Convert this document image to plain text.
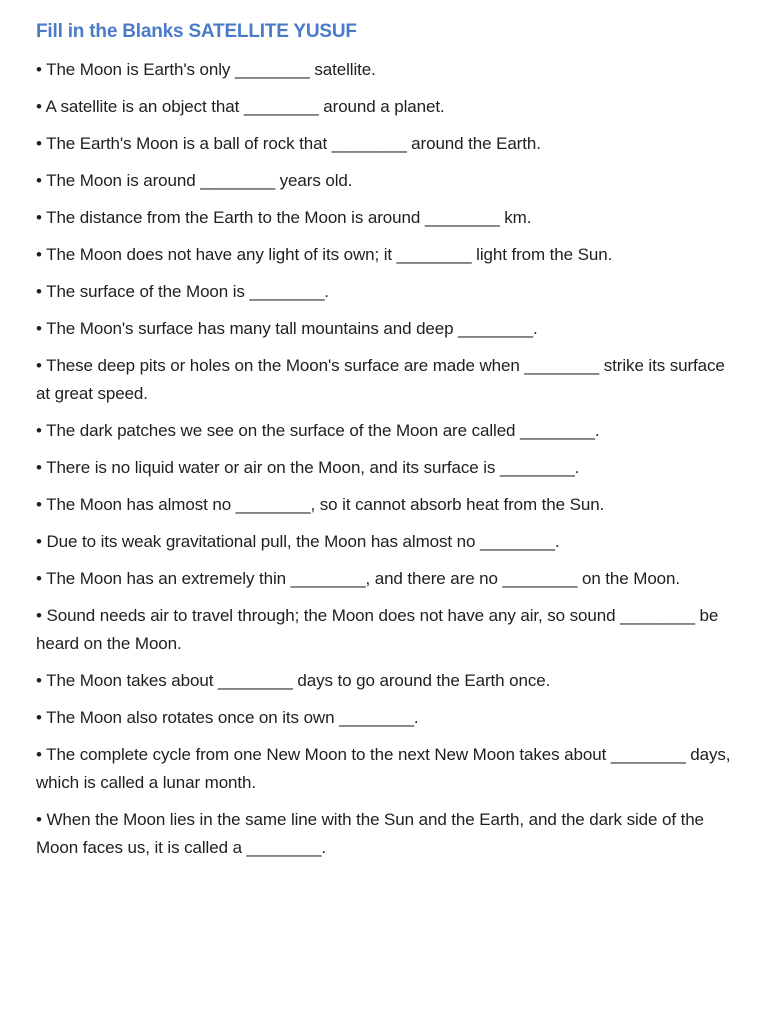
Fill in the Blanks SATELLITE YUSUF
• The Moon is Earth's only ________ satellite.
• A satellite is an object that ________ around a planet.
• The Earth's Moon is a ball of rock that ________ around the Earth.
• The Moon is around ________ years old.
• The distance from the Earth to the Moon is around ________ km.
• The Moon does not have any light of its own; it ________ light from the Sun.
• The surface of the Moon is ________.
• The Moon's surface has many tall mountains and deep ________.
• These deep pits or holes on the Moon's surface are made when ________ strike its surface at great speed.
• The dark patches we see on the surface of the Moon are called ________.
• There is no liquid water or air on the Moon, and its surface is ________.
• The Moon has almost no ________, so it cannot absorb heat from the Sun.
• Due to its weak gravitational pull, the Moon has almost no ________.
• The Moon has an extremely thin ________, and there are no ________ on the Moon.
• Sound needs air to travel through; the Moon does not have any air, so sound ________ be heard on the Moon.
• The Moon takes about ________ days to go around the Earth once.
• The Moon also rotates once on its own ________.
• The complete cycle from one New Moon to the next New Moon takes about ________ days, which is called a lunar month.
• When the Moon lies in the same line with the Sun and the Earth, and the dark side of the Moon faces us, it is called a ________.
